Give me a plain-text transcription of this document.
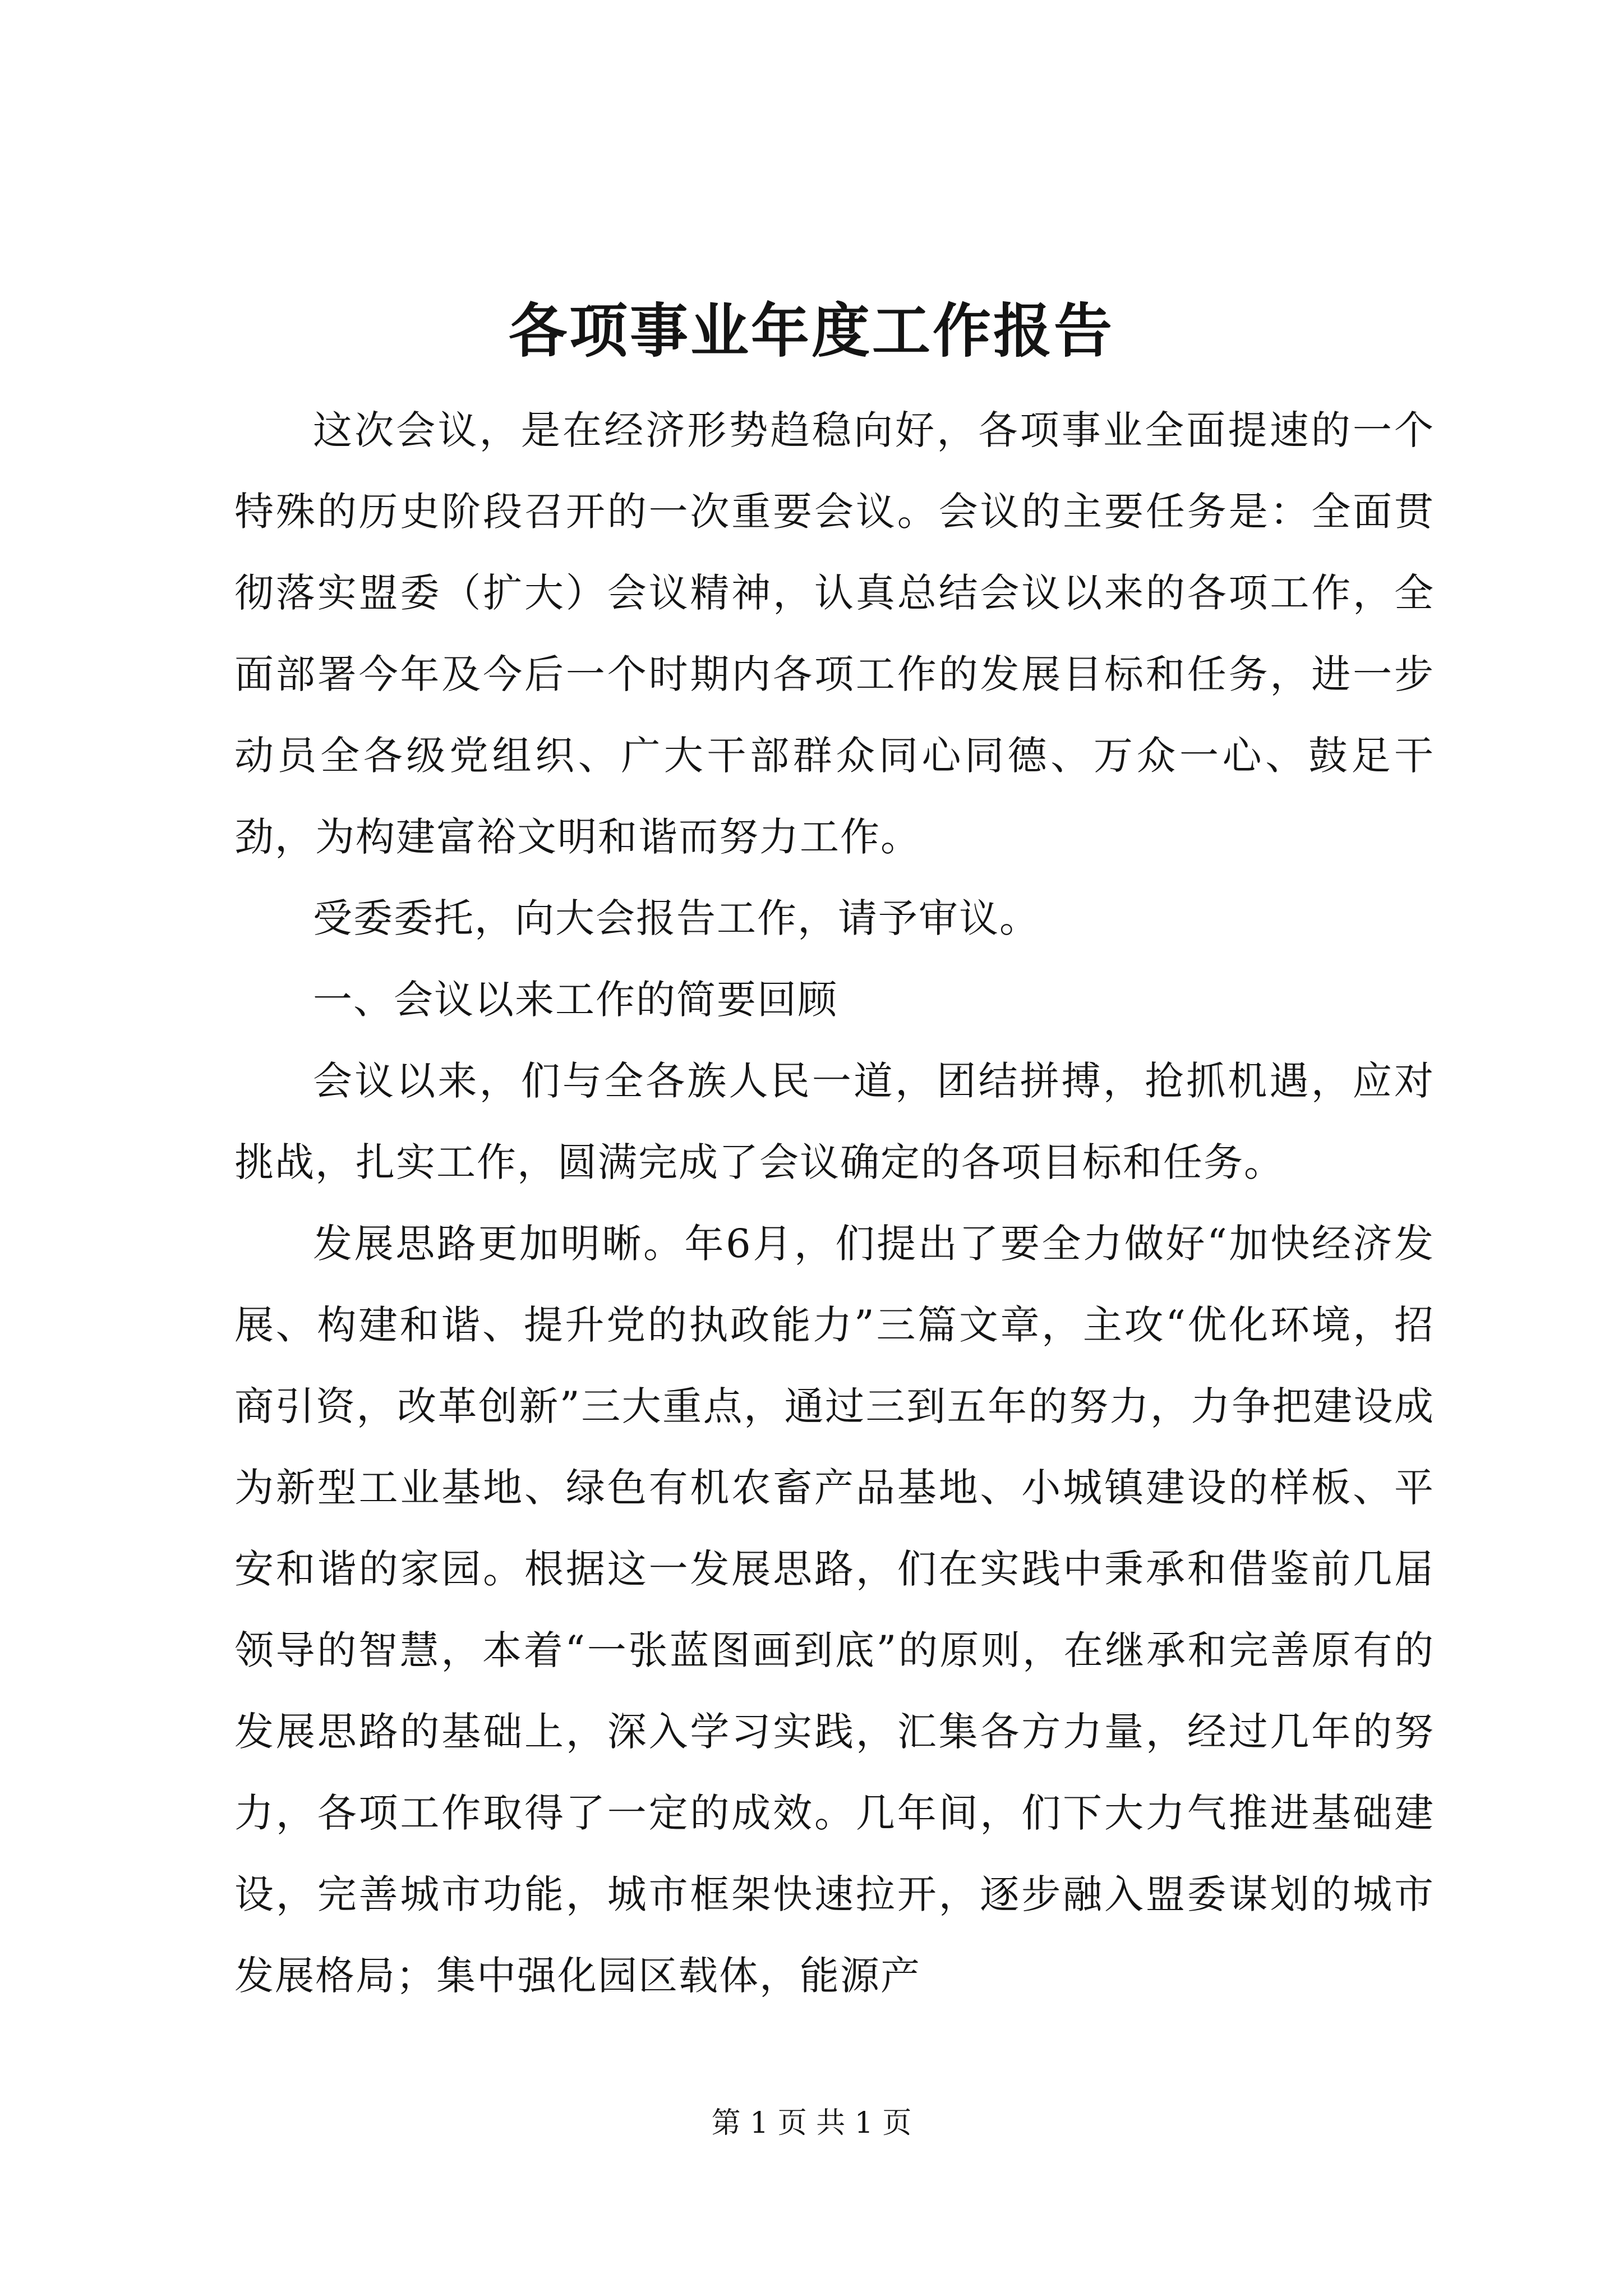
各项事业年度工作报告

这次会议，是在经济形势趋稳向好，各项事业全面提速的一个特殊的历史阶段召开的一次重要会议。会议的主要任务是：全面贯彻落实盟委（扩大）会议精神，认真总结会议以来的各项工作，全面部署今年及今后一个时期内各项工作的发展目标和任务，进一步动员全各级党组织、广大干部群众同心同德、万众一心、鼓足干劲，为构建富裕文明和谐而努力工作。

受委委托，向大会报告工作，请予审议。

一、会议以来工作的简要回顾

会议以来，们与全各族人民一道，团结拼搏，抢抓机遇，应对挑战，扎实工作，圆满完成了会议确定的各项目标和任务。

发展思路更加明晰。年6月，们提出了要全力做好“加快经济发展、构建和谐、提升党的执政能力”三篇文章，主攻“优化环境，招商引资，改革创新”三大重点，通过三到五年的努力，力争把建设成为新型工业基地、绿色有机农畜产品基地、小城镇建设的样板、平安和谐的家园。根据这一发展思路，们在实践中秉承和借鉴前几届领导的智慧，本着“一张蓝图画到底”的原则，在继承和完善原有的发展思路的基础上，深入学习实践，汇集各方力量，经过几年的努力，各项工作取得了一定的成效。几年间，们下大力气推进基础建设，完善城市功能，城市框架快速拉开，逐步融入盟委谋划的城市发展格局；集中强化园区载体，能源产

第 1 页 共 1 页
